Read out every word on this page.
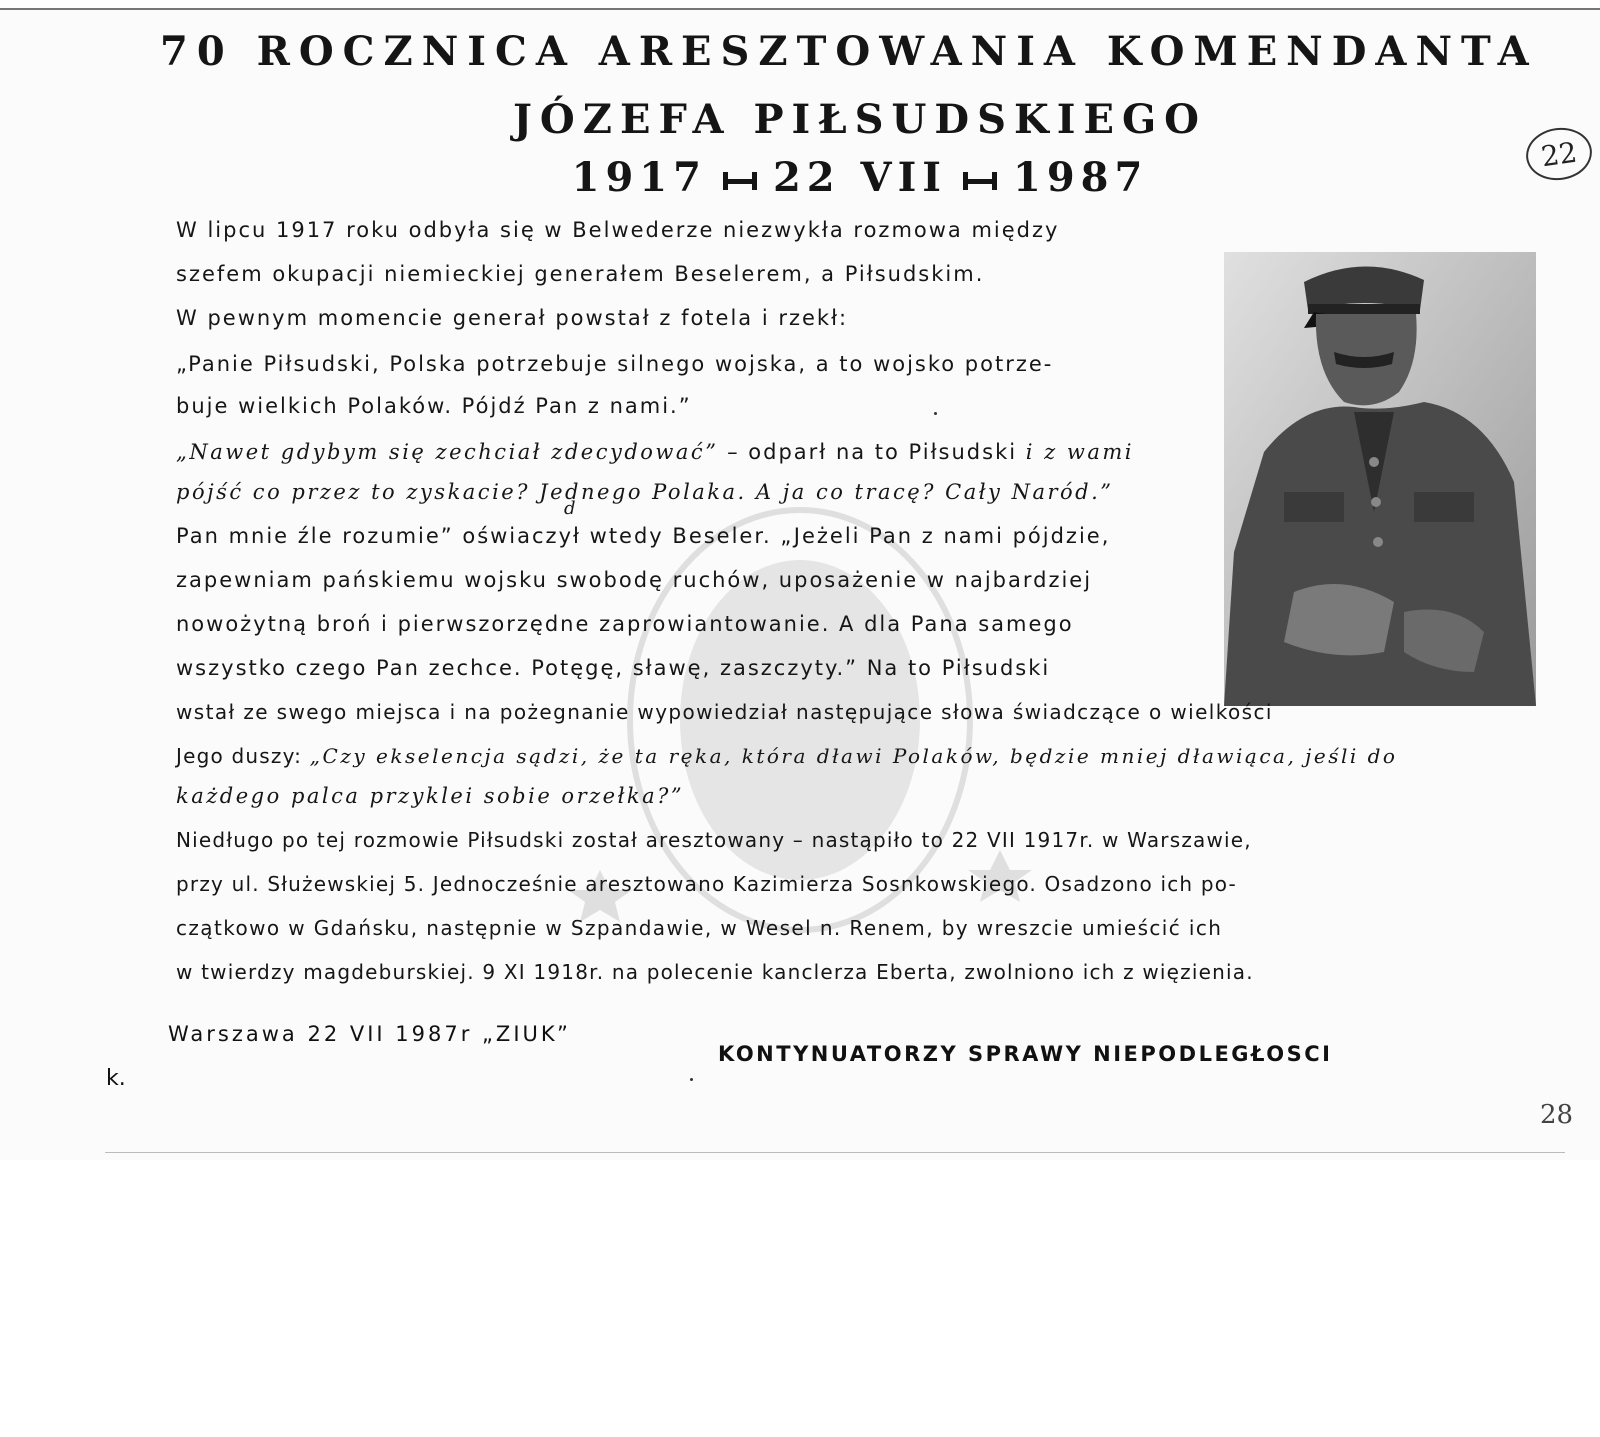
70 ROCZNICA ARESZTOWANIA KOMENDANTA
JÓZEFA PIŁSUDSKIEGO
1917 22 VII 1987	22
W lipcu 1917 roku odbyła się w Belwederze niezwykła rozmowa między
szefem okupacji niemieckiej generałem Beselerem, a Piłsudskim.
W pewnym momencie generał powstał z fotela i rzekł:
„Panie Piłsudski, Polska potrzebuje silnego wojska, a to wojsko potrze-
buje wielkich Polaków. Pójdź Pan z nami.”
„Nawet gdybym się zechciał zdecydować” – odparł na to Piłsudski i z wami
pójść co przez to zyskacie? Jednego Polaka. A ja co tracę? Cały Naród.”
d
Pan mnie źle rozumie” oświaczył wtedy Beseler. „Jeżeli Pan z nami pójdzie,
zapewniam pańskiemu wojsku swobodę ruchów, uposażenie w najbardziej
nowożytną broń i pierwszorzędne zaprowiantowanie. A dla Pana samego
wszystko czego Pan zechce. Potęgę, sławę, zaszczyty.” Na to Piłsudski
wstał ze swego miejsca i na pożegnanie wypowiedział następujące słowa świadczące o wielkości
Jego duszy: „Czy ekselencja sądzi, że ta ręka, która dławi Polaków, będzie mniej dławiąca, jeśli do
każdego palca przyklei sobie orzełka?”
Niedługo po tej rozmowie Piłsudski został aresztowany – nastąpiło to 22 VII 1917r. w Warszawie,
przy ul. Służewskiej 5. Jednocześnie aresztowano Kazimierza Sosnkowskiego. Osadzono ich po-
czątkowo w Gdańsku, następnie w Szpandawie, w Wesel n. Renem, by wreszcie umieścić ich
w twierdzy magdeburskiej. 9 XI 1918r. na polecenie kanclerza Eberta, zwolniono ich z więzienia.
Warszawa 22 VII 1987r „ZIUK”
KONTYNUATORZY SPRAWY NIEPODLEGŁOSCI
k.
28
